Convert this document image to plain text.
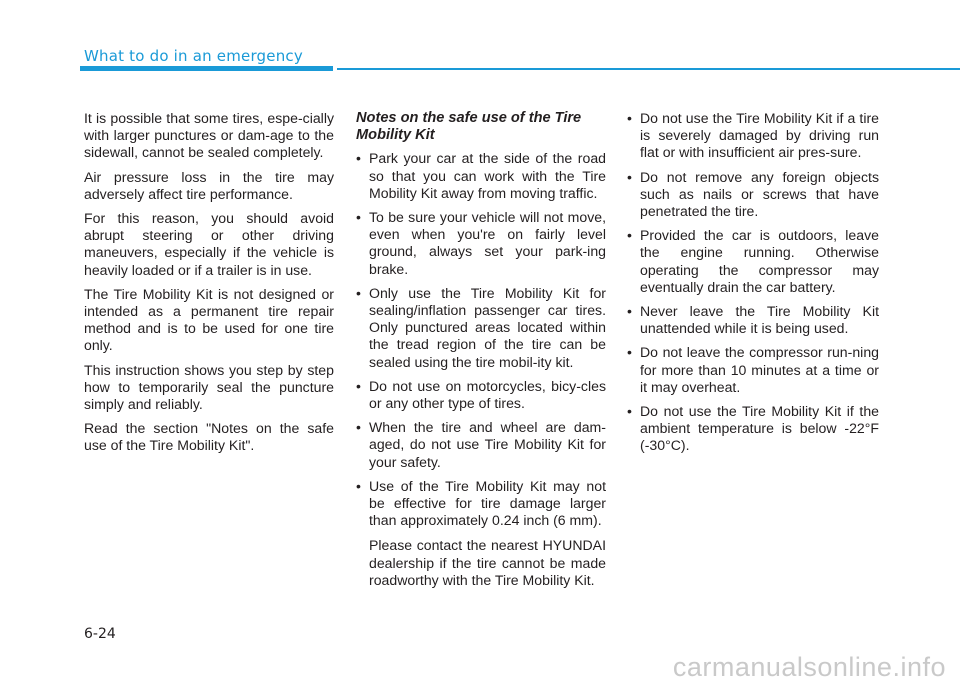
What to do in an emergency

It is possible that some tires, espe-cially with larger punctures or dam-age to the sidewall, cannot be sealed completely.

Air pressure loss in the tire may adversely affect tire performance.

For this reason, you should avoid abrupt steering or other driving maneuvers, especially if the vehicle is heavily loaded or if a trailer is in use.

The Tire Mobility Kit is not designed or intended as a permanent tire repair method and is to be used for one tire only.

This instruction shows you step by step how to temporarily seal the puncture simply and reliably.

Read the section "Notes on the safe use of the Tire Mobility Kit".

Notes on the safe use of the Tire Mobility Kit
• Park your car at the side of the road so that you can work with the Tire Mobility Kit away from moving traffic.
• To be sure your vehicle will not move, even when you're on fairly level ground, always set your park-ing brake.
• Only use the Tire Mobility Kit for sealing/inflation passenger car tires. Only punctured areas located within the tread region of the tire can be sealed using the tire mobil-ity kit.
• Do not use on motorcycles, bicy-cles or any other type of tires.
• When the tire and wheel are dam-aged, do not use Tire Mobility Kit for your safety.
• Use of the Tire Mobility Kit may not be effective for tire damage larger than approximately 0.24 inch (6 mm).
Please contact the nearest HYUNDAI dealership if the tire cannot be made roadworthy with the Tire Mobility Kit.
• Do not use the Tire Mobility Kit if a tire is severely damaged by driving run flat or with insufficient air pres-sure.
• Do not remove any foreign objects such as nails or screws that have penetrated the tire.
• Provided the car is outdoors, leave the engine running. Otherwise operating the compressor may eventually drain the car battery.
• Never leave the Tire Mobility Kit unattended while it is being used.
• Do not leave the compressor run-ning for more than 10 minutes at a time or it may overheat.
• Do not use the Tire Mobility Kit if the ambient temperature is below -22°F (-30°C).
6-24
carmanualsonline.info
